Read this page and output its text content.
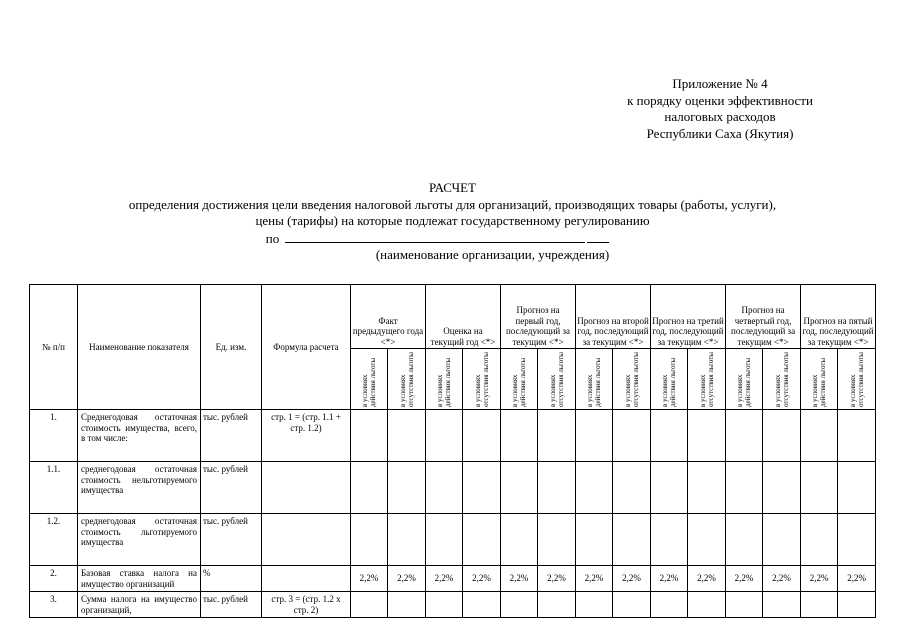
Приложение № 4
к порядку оценки эффективности
налоговых расходов
Республики Саха (Якутия)
РАСЧЕТ
определения достижения цели введения налоговой льготы для организаций, производящих товары (работы, услуги),
цены (тарифы) на которые подлежат государственному регулированию
по
(наименование организации, учреждения)
№ п/п	Наименование показателя	Ед. изм.	Формула расчета	Факт предыдущего года <*>		Оценка на текущий год <*>		Прогноз на первый год, последующий за текущим <*>		Прогноз на второй год, последующий за текущим <*>		Прогноз на третий год, последующий за текущим <*>		Прогноз на четвертый год, последующий за текущим <*>		Прогноз на пятый год, последующий за текущим <*>	

				в условиях действия льготы	в условиях отсутствия льготы	в условиях действия льготы	в условиях отсутствия льготы	в условиях действия льготы	в условиях отсутствия льготы	в условиях действия льготы	в условиях отсутствия льготы	в условиях действия льготы	в условиях отсутствия льготы	в условиях действия льготы	в условиях отсутствия льготы	в условиях действия льготы	в условиях отсутствия льготы

1.	Среднегодовая остаточная стоимость имущества, всего, в том числе:	тыс. рублей	стр. 1 = (стр. 1.1 + стр. 1.2)														
1.1.	среднегодовая остаточная стоимость нельготируемого имущества	тыс. рублей															
1.2.	среднегодовая остаточная стоимость льготируемого имущества	тыс. рублей															
2.	Базовая ставка налога на имущество организаций	%		2,2%	2,2%	2,2%	2,2%	2,2%	2,2%	2,2%	2,2%	2,2%	2,2%	2,2%	2,2%	2,2%	2,2%
3.	Сумма налога на имущество организаций,	тыс. рублей	стр. 3 = (стр. 1.2 x стр. 2)														
